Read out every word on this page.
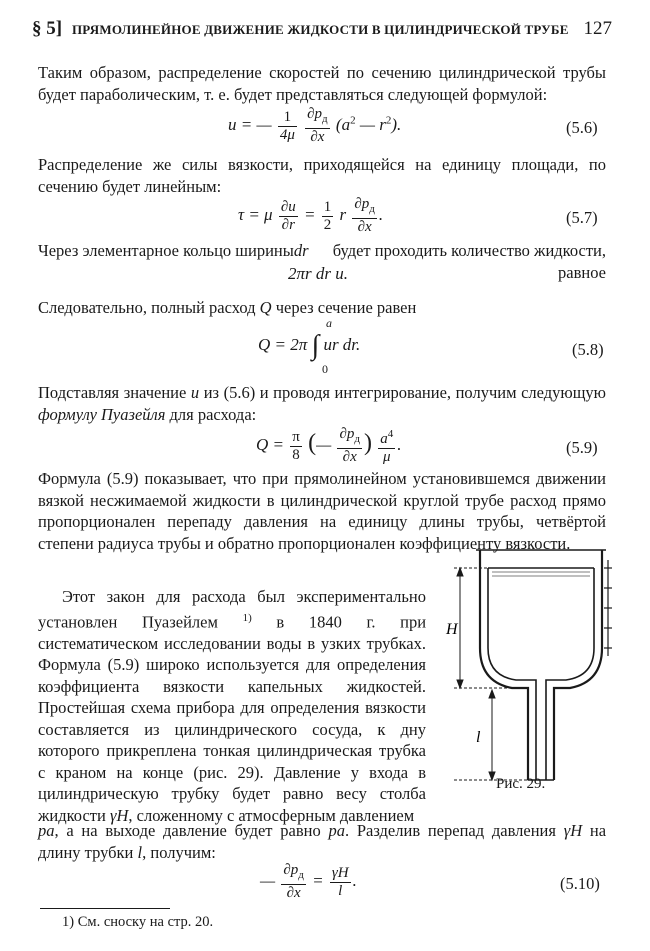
§ 5] ПРЯМОЛИНЕЙНОЕ ДВИЖЕНИЕ ЖИДКОСТИ В ЦИЛИНДРИЧЕСКОЙ ТРУБЕ 127

Таким образом, распределение скоростей по сечению цилиндрической трубы будет параболическим, т. е. будет представляться следующей формулой:

u = — $\frac{1}{4\mu}$
$\frac{\partial p_д}{\partial x} (a^2$ — $r^2$).	(5.6)

Распределение же силы вязкости, приходящейся на единицу площади, по сечению будет линейным:

τ = μ $\frac{\partial u}{\partial r} = \frac{1}{2}$ r $\frac{\partial p_д}{\partial x}$ .	(5.7)
Через элементарное кольцо ширины dr	будет проходить количество жидкости, равное
2πr dr u.
Следовательно, полный расход Q через сечение равен
Q = 2π ∫ ur dr.
a
0
(5.8)
Подставляя значение u из (5.6) и проводя интегрирование, получим следующую формулу Пуазейля для расхода:
$Q = \frac{\pi}{8}$ (— $\frac{\partial p_д}{\partial x}$ ) $\frac{a^4}{\mu}$ .	(5.9)

Формула (5.9) показывает, что при прямолинейном установившемся движении вязкой несжимаемой жидкости в цилиндрической круглой трубе расход прямо пропорционален перепаду давления на единицу длины трубы, четвёртой степени радиуса трубы и обратно пропорционален коэффициенту вязкости.

Этот закон для расхода был экспериментально установлен Пуазейлем $^{1)}$ в 1840 г. при систематическом исследовании воды в узких трубках. Формула (5.9) широко используется для определения коэффициента вязкости капельных жидкостей. Простейшая схема прибора для определения вязкости составляется из цилиндрического сосуда, к дну которого прикреплена тонкая цилиндрическая трубка с краном на конце (рис. 29). Давление у входа в цилиндрическую трубку будет равно весу столба жидкости γH, сложенному с атмосферным давлением
pa, а на выходе давление будет равно pa. Разделив перепад давления γH на длину трубки l, получим:
H
l
Рис. 29.
— $\frac{\partial p_д}{\partial x} = \frac{\gamma H}{l}$ .	(5.10)
1) См. сноску на стр. 20.
